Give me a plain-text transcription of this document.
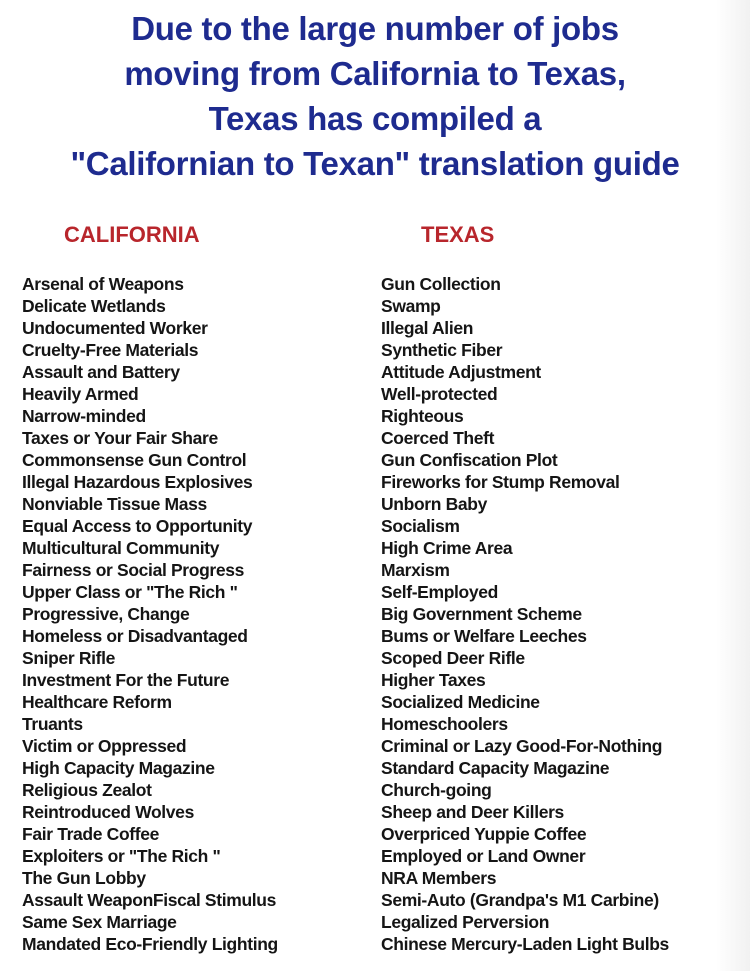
Due to the large number of jobs
moving from California to Texas,
Texas has compiled a
"Californian to Texan" translation guide
CALIFORNIA	TEXAS
Arsenal of Weapons
Delicate Wetlands
Undocumented Worker
Cruelty-Free Materials
Assault and Battery
Heavily Armed
Narrow-minded
Taxes or Your Fair Share
Commonsense Gun Control
Illegal Hazardous Explosives
Nonviable Tissue Mass
Equal Access to Opportunity
Multicultural Community
Fairness or Social Progress
Upper Class or "The Rich "
Progressive, Change
Homeless or Disadvantaged
Sniper Rifle
Investment For the Future
Healthcare Reform
Truants
Victim or Oppressed
High Capacity Magazine
Religious Zealot
Reintroduced Wolves
Fair Trade Coffee
Exploiters or "The Rich "
The Gun Lobby
Assault WeaponFiscal Stimulus
Same Sex Marriage
Mandated Eco-Friendly Lighting
Gun Collection
Swamp
Illegal Alien
Synthetic Fiber
Attitude Adjustment
Well-protected
Righteous
Coerced Theft
Gun Confiscation Plot
Fireworks for Stump Removal
Unborn Baby
Socialism
High Crime Area
Marxism
Self-Employed
Big Government Scheme
Bums or Welfare Leeches
Scoped Deer Rifle
Higher Taxes
Socialized Medicine
Homeschoolers
Criminal or Lazy Good-For-Nothing
Standard Capacity Magazine
Church-going
Sheep and Deer Killers
Overpriced Yuppie Coffee
Employed or Land Owner
NRA Members
Semi-Auto (Grandpa's M1 Carbine)
Legalized Perversion
Chinese Mercury-Laden Light Bulbs
